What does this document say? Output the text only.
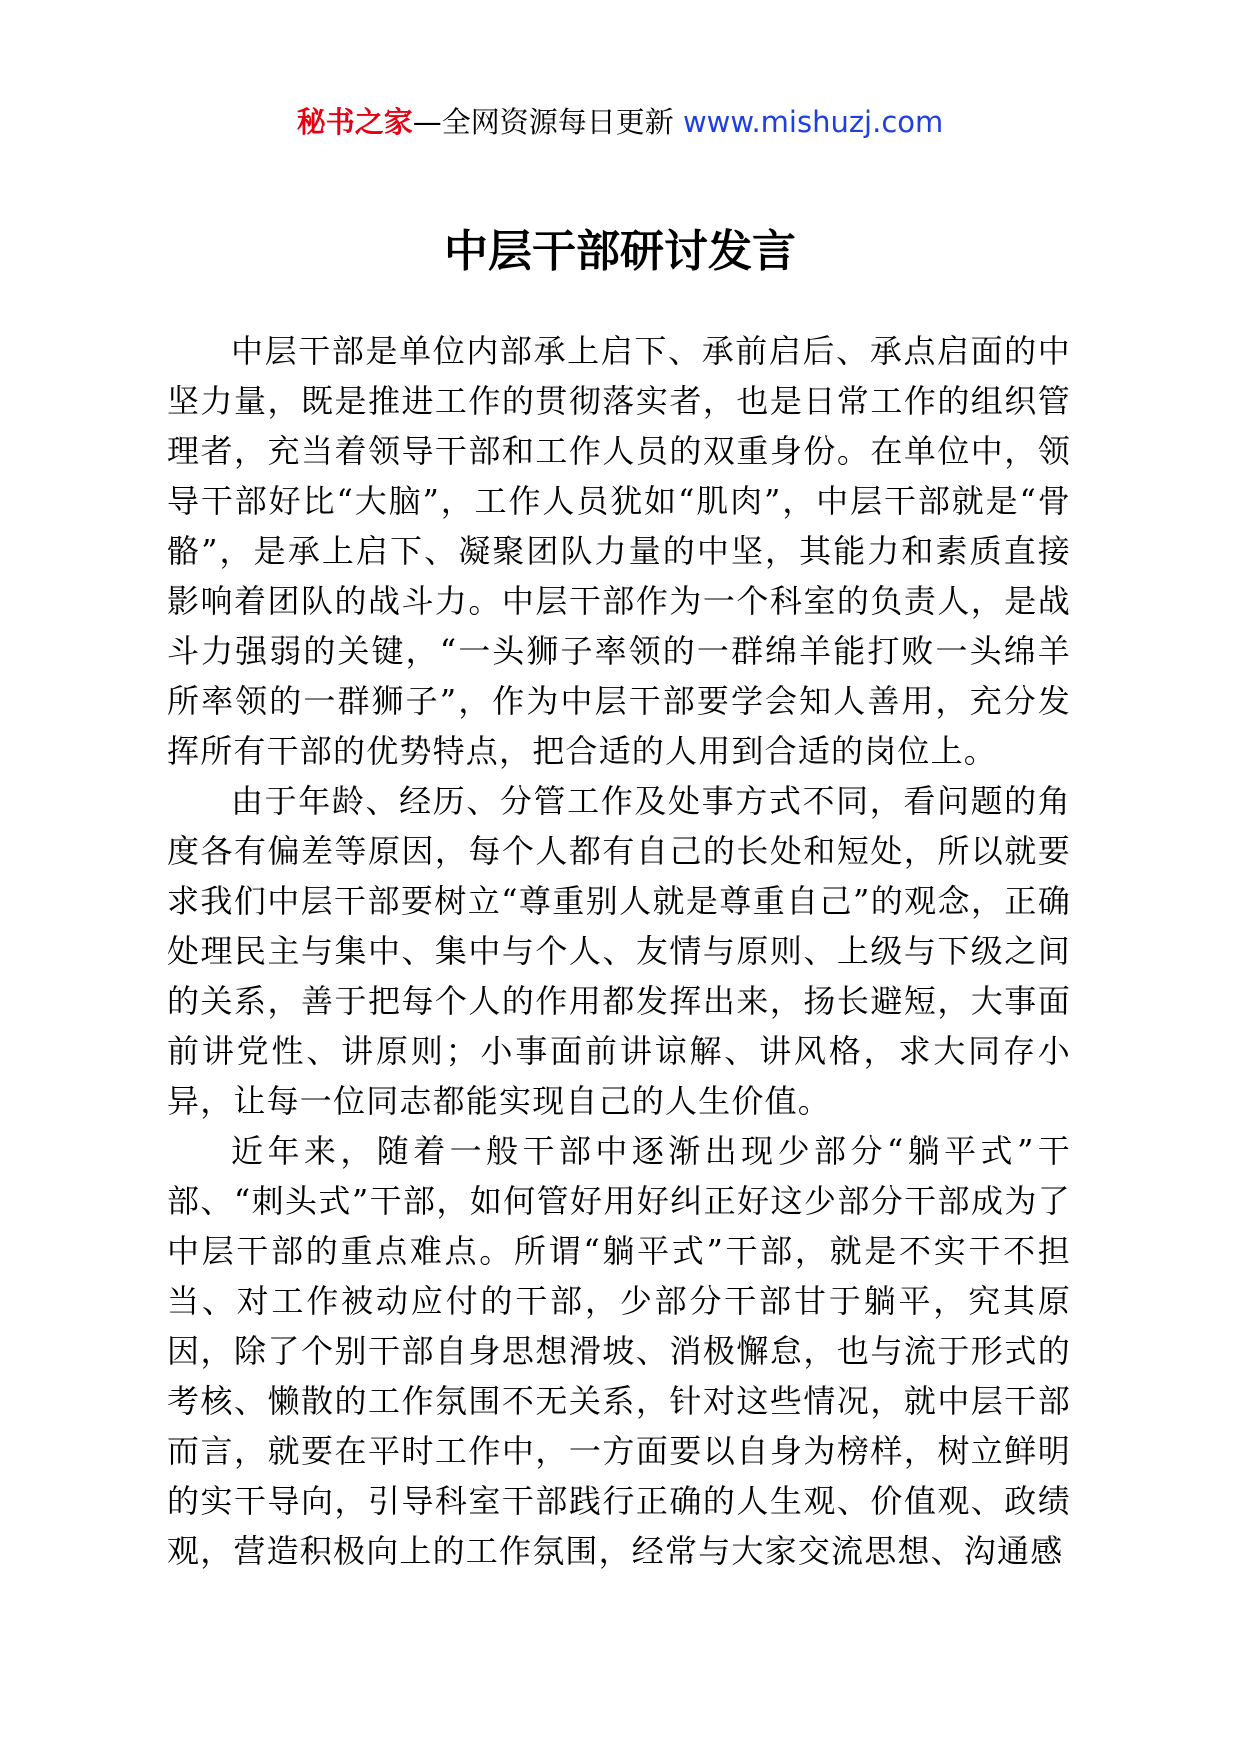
秘书之家—全网资源每日更新 www.mishuzj.com
中层干部研讨发言

中层干部是单位内部承上启下、承前启后、承点启面的中坚力量，既是推进工作的贯彻落实者，也是日常工作的组织管理者，充当着领导干部和工作人员的双重身份。在单位中，领导干部好比“大脑”，工作人员犹如“肌肉”，中层干部就是“骨骼”，是承上启下、凝聚团队力量的中坚，其能力和素质直接影响着团队的战斗力。中层干部作为一个科室的负责人，是战斗力强弱的关键，“一头狮子率领的一群绵羊能打败一头绵羊所率领的一群狮子”，作为中层干部要学会知人善用，充分发挥所有干部的优势特点，把合适的人用到合适的岗位上。

由于年龄、经历、分管工作及处事方式不同，看问题的角度各有偏差等原因，每个人都有自己的长处和短处，所以就要求我们中层干部要树立“尊重别人就是尊重自己”的观念，正确处理民主与集中、集中与个人、友情与原则、上级与下级之间的关系，善于把每个人的作用都发挥出来，扬长避短，大事面前讲党性、讲原则；小事面前讲谅解、讲风格，求大同存小异，让每一位同志都能实现自己的人生价值。

近年来，随着一般干部中逐渐出现少部分“躺平式”干部、“刺头式”干部，如何管好用好纠正好这少部分干部成为了中层干部的重点难点。所谓“躺平式”干部，就是不实干不担当、对工作被动应付的干部，少部分干部甘于躺平，究其原因，除了个别干部自身思想滑坡、消极懈怠，也与流于形式的考核、懒散的工作氛围不无关系，针对这些情况，就中层干部而言，就要在平时工作中，一方面要以自身为榜样，树立鲜明的实干导向，引导科室干部践行正确的人生观、价值观、政绩观，营造积极向上的工作氛围，经常与大家交流思想、沟通感
